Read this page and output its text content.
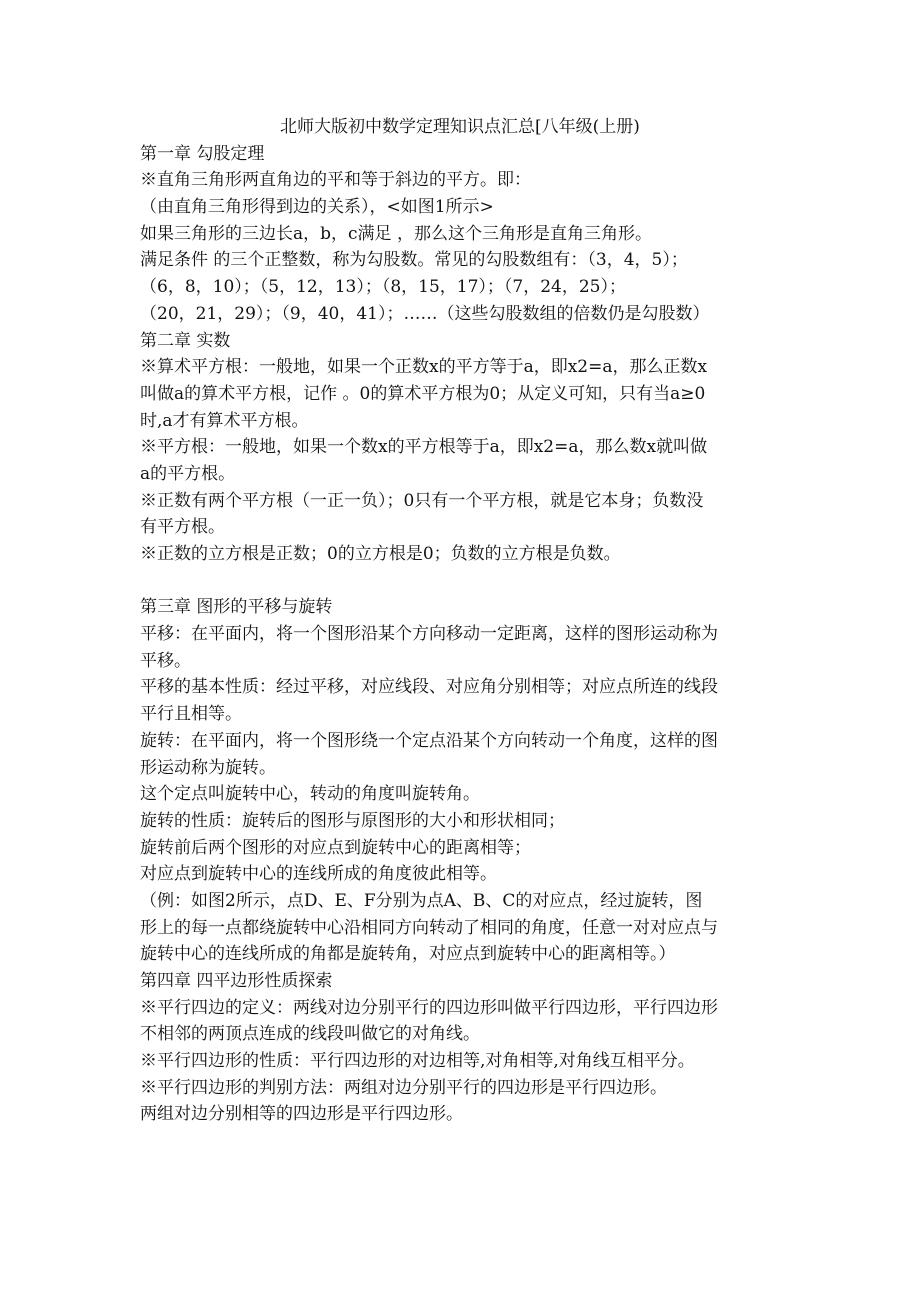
北师大版初中数学定理知识点汇总[八年级(上册)
第一章 勾股定理
※直角三角形两直角边的平和等于斜边的平方。即：
（由直角三角形得到边的关系），<如图1所示>
如果三角形的三边长a，b，c满足 ，那么这个三角形是直角三角形。
满足条件 的三个正整数，称为勾股数。常见的勾股数组有：（3，4，5）；
（6，8，10）；（5，12，13）；（8，15，17）；（7，24，25）；
（20，21，29）；（9，40，41）；……（这些勾股数组的倍数仍是勾股数）
第二章 实数
※算术平方根：一般地，如果一个正数x的平方等于a，即x2=a，那么正数x
叫做a的算术平方根，记作 。0的算术平方根为0；从定义可知，只有当a≥0
时,a才有算术平方根。
※平方根：一般地，如果一个数x的平方根等于a，即x2=a，那么数x就叫做
a的平方根。
※正数有两个平方根（一正一负）；0只有一个平方根，就是它本身；负数没
有平方根。
※正数的立方根是正数；0的立方根是0；负数的立方根是负数。
第三章 图形的平移与旋转
平移：在平面内，将一个图形沿某个方向移动一定距离，这样的图形运动称为
平移。
平移的基本性质：经过平移，对应线段、对应角分别相等；对应点所连的线段
平行且相等。
旋转：在平面内，将一个图形绕一个定点沿某个方向转动一个角度，这样的图
形运动称为旋转。
这个定点叫旋转中心，转动的角度叫旋转角。
旋转的性质：旋转后的图形与原图形的大小和形状相同；
旋转前后两个图形的对应点到旋转中心的距离相等；
对应点到旋转中心的连线所成的角度彼此相等。
（例：如图2所示，点D、E、F分别为点A、B、C的对应点，经过旋转，图
形上的每一点都绕旋转中心沿相同方向转动了相同的角度，任意一对对应点与
旋转中心的连线所成的角都是旋转角，对应点到旋转中心的距离相等。）
第四章 四平边形性质探索
※平行四边的定义：两线对边分别平行的四边形叫做平行四边形，平行四边形
不相邻的两顶点连成的线段叫做它的对角线。
※平行四边形的性质：平行四边形的对边相等,对角相等,对角线互相平分。
※平行四边形的判别方法：两组对边分别平行的四边形是平行四边形。
两组对边分别相等的四边形是平行四边形。
